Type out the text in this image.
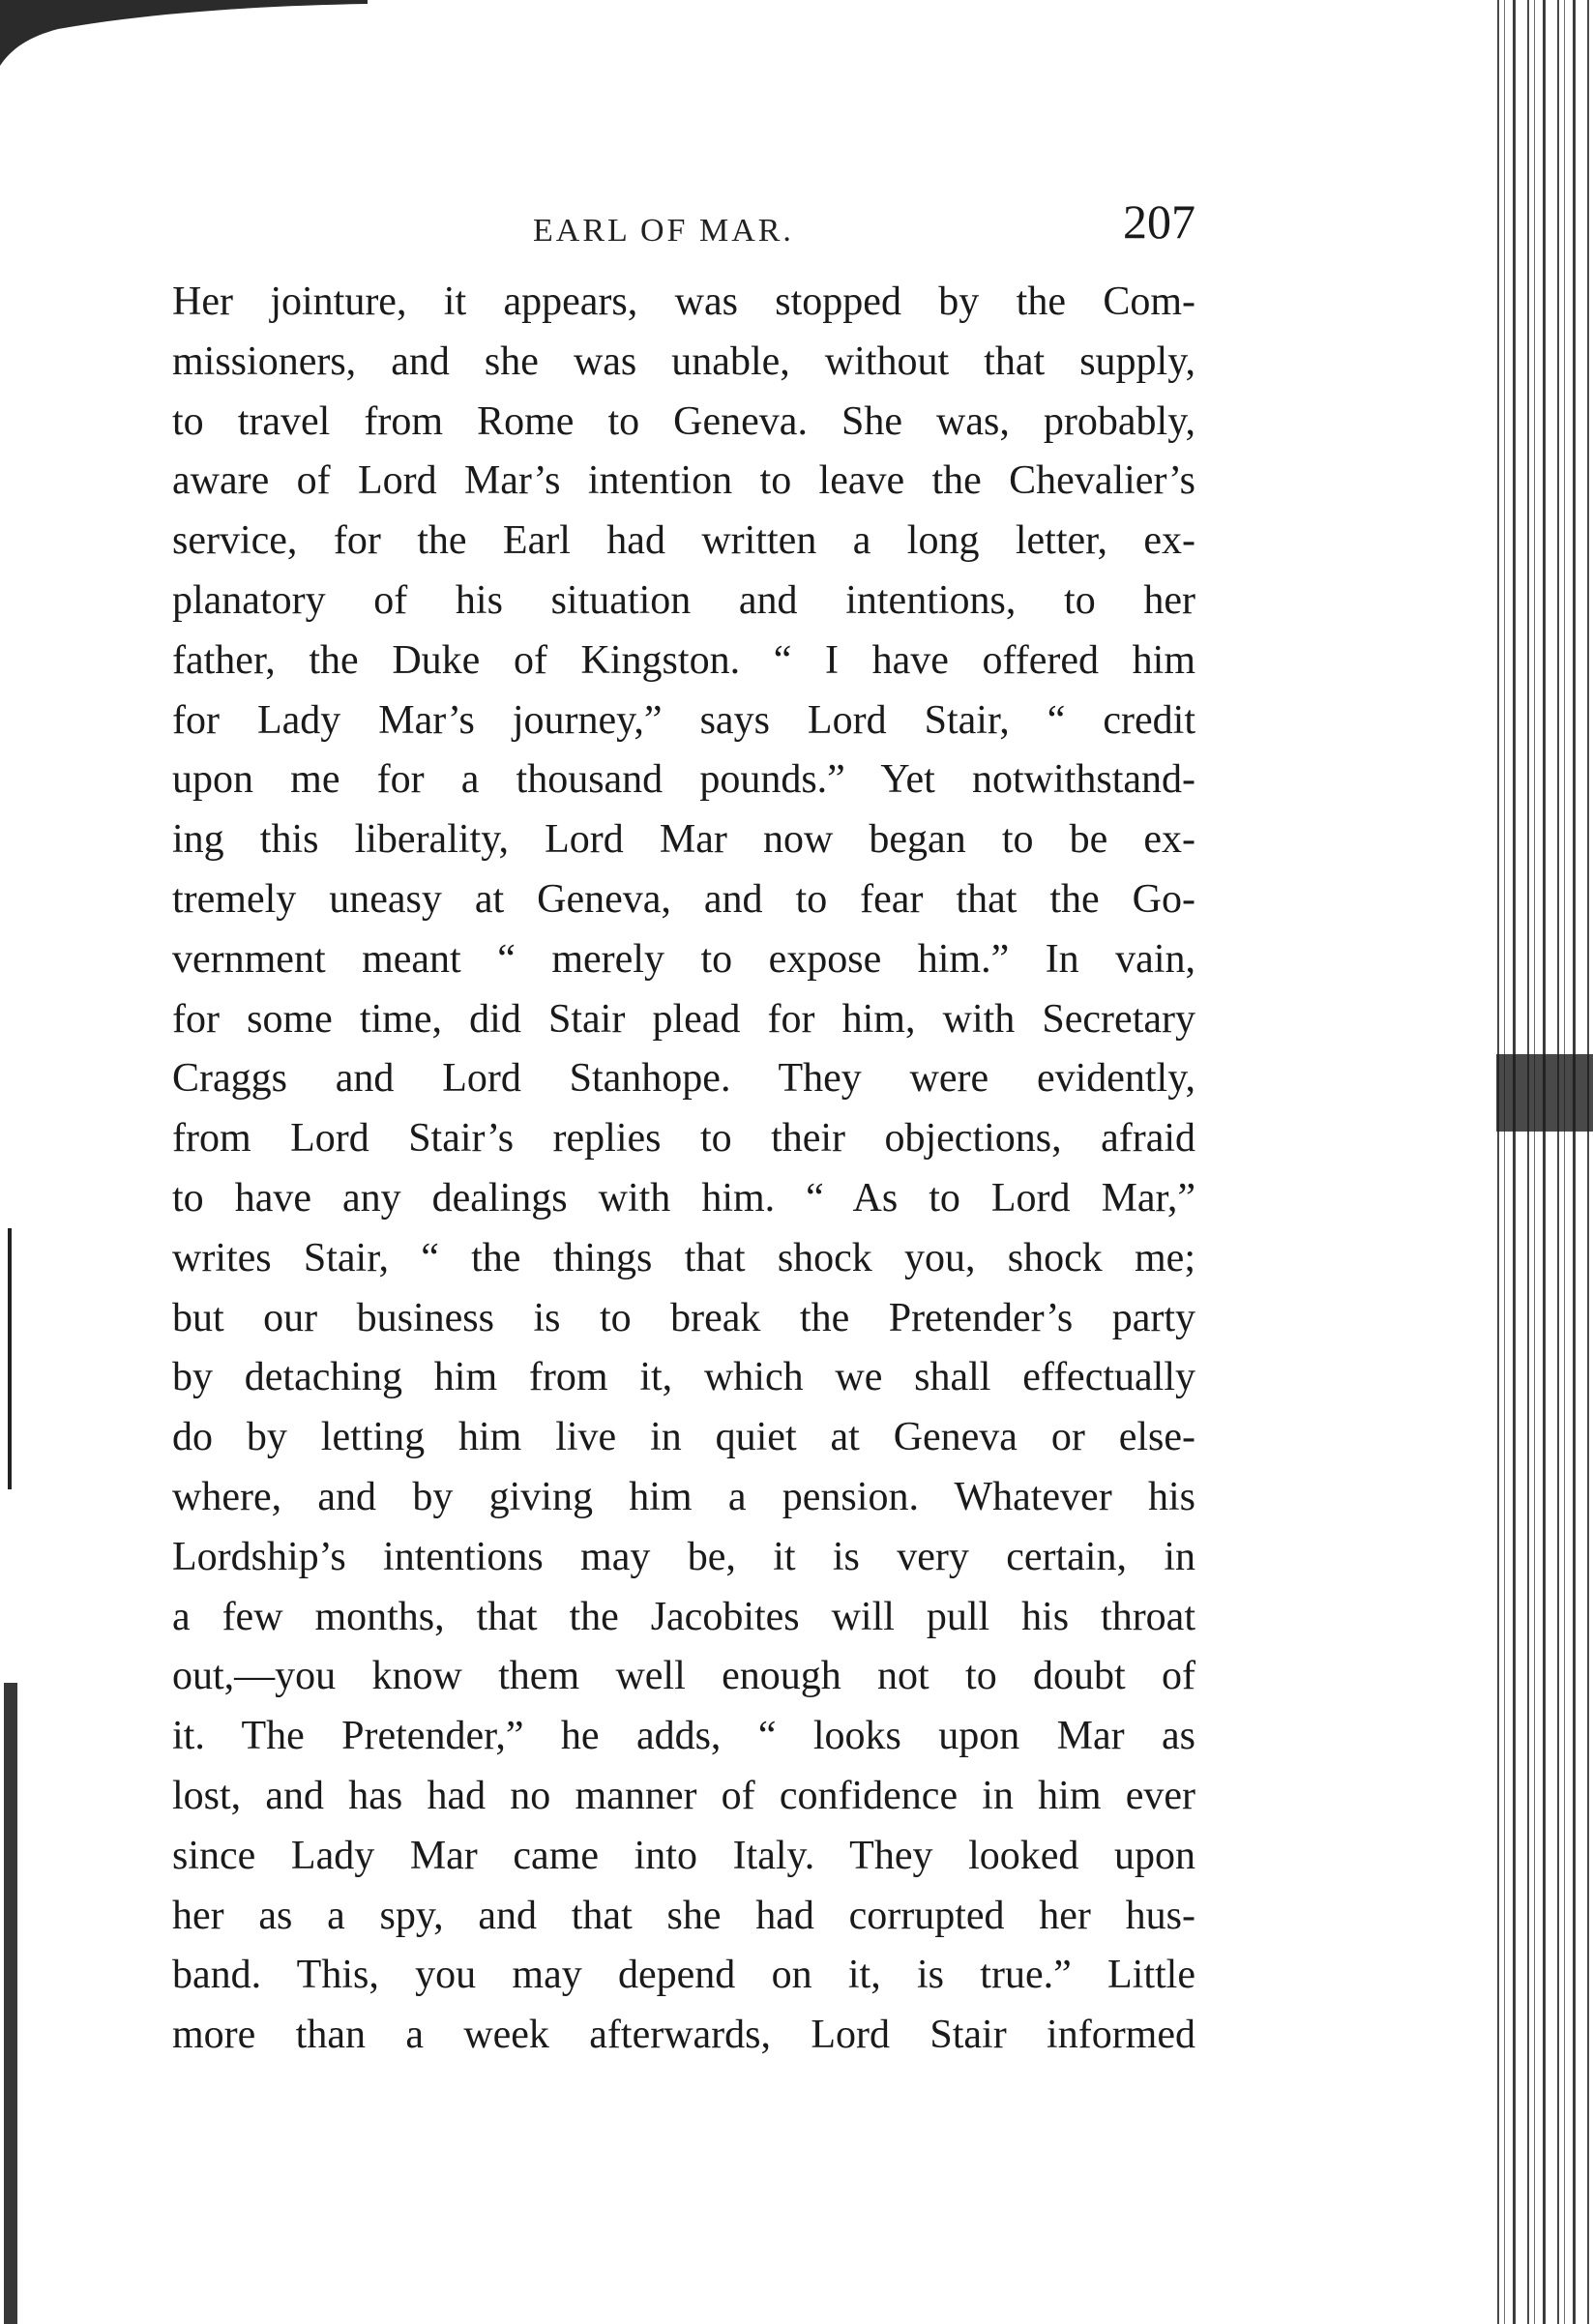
EARL OF MAR.	207
Her jointure, it appears, was stopped by the Com-
missioners, and she was unable, without that supply,
to travel from Rome to Geneva. She was, probably,
aware of Lord Mar’s intention to leave the Chevalier’s
service, for the Earl had written a long letter, ex-
planatory of his situation and intentions, to her
father, the Duke of Kingston. “ I have offered him
for Lady Mar’s journey,” says Lord Stair, “ credit
upon me for a thousand pounds.” Yet notwithstand-
ing this liberality, Lord Mar now began to be ex-
tremely uneasy at Geneva, and to fear that the Go-
vernment meant “ merely to expose him.” In vain,
for some time, did Stair plead for him, with Secretary
Craggs and Lord Stanhope. They were evidently,
from Lord Stair’s replies to their objections, afraid
to have any dealings with him. “ As to Lord Mar,”
writes Stair, “ the things that shock you, shock me;
but our business is to break the Pretender’s party
by detaching him from it, which we shall effectually
do by letting him live in quiet at Geneva or else-
where, and by giving him a pension. Whatever his
Lordship’s intentions may be, it is very certain, in
a few months, that the Jacobites will pull his throat
out,—you know them well enough not to doubt of
it. The Pretender,” he adds, “ looks upon Mar as
lost, and has had no manner of confidence in him ever
since Lady Mar came into Italy. They looked upon
her as a spy, and that she had corrupted her hus-
band. This, you may depend on it, is true.” Little
more than a week afterwards, Lord Stair informed
